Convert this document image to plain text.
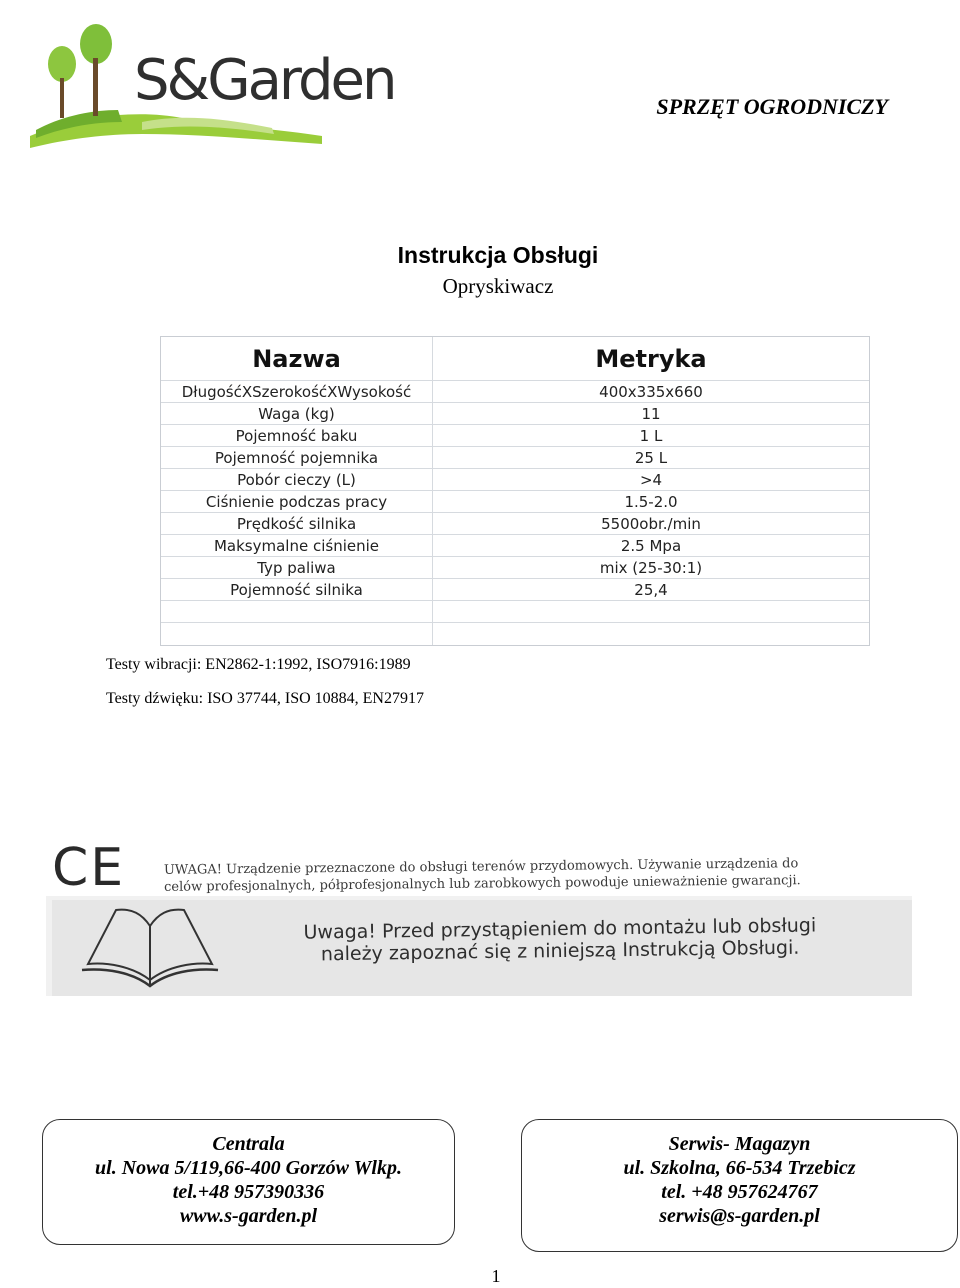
S&Garden	SPRZĘT OGRODNICZY
Instrukcja Obsługi
Opryskiwacz
Nazwa	Metryka
DługośćXSzerokośćXWysokość	400x335x660
Waga (kg)	11
Pojemność baku	1 L
Pojemność pojemnika	25 L
Pobór cieczy (L)	>4
Ciśnienie podczas pracy	1.5-2.0
Prędkość silnika	5500obr./min
Maksymalne ciśnienie	2.5 Mpa
Typ paliwa	mix (25-30:1)
Pojemność silnika	25,4
Testy wibracji: EN2862-1:1992, ISO7916:1989
Testy dźwięku: ISO 37744, ISO 10884, EN27917
CE	UWAGA! Urządzenie przeznaczone do obsługi terenów przydomowych. Używanie urządzenia do
celów profesjonalnych, półprofesjonalnych lub zarobkowych powoduje unieważnienie gwarancji.
Uwaga! Przed przystąpieniem do montażu lub obsługi
należy zapoznać się z niniejszą Instrukcją Obsługi.
Centrala
ul. Nowa 5/119,66-400 Gorzów Wlkp.
tel.+48 957390336
www.s-garden.pl
Serwis- Magazyn
ul. Szkolna, 66-534 Trzebicz
tel. +48 957624767
serwis@s-garden.pl
1
